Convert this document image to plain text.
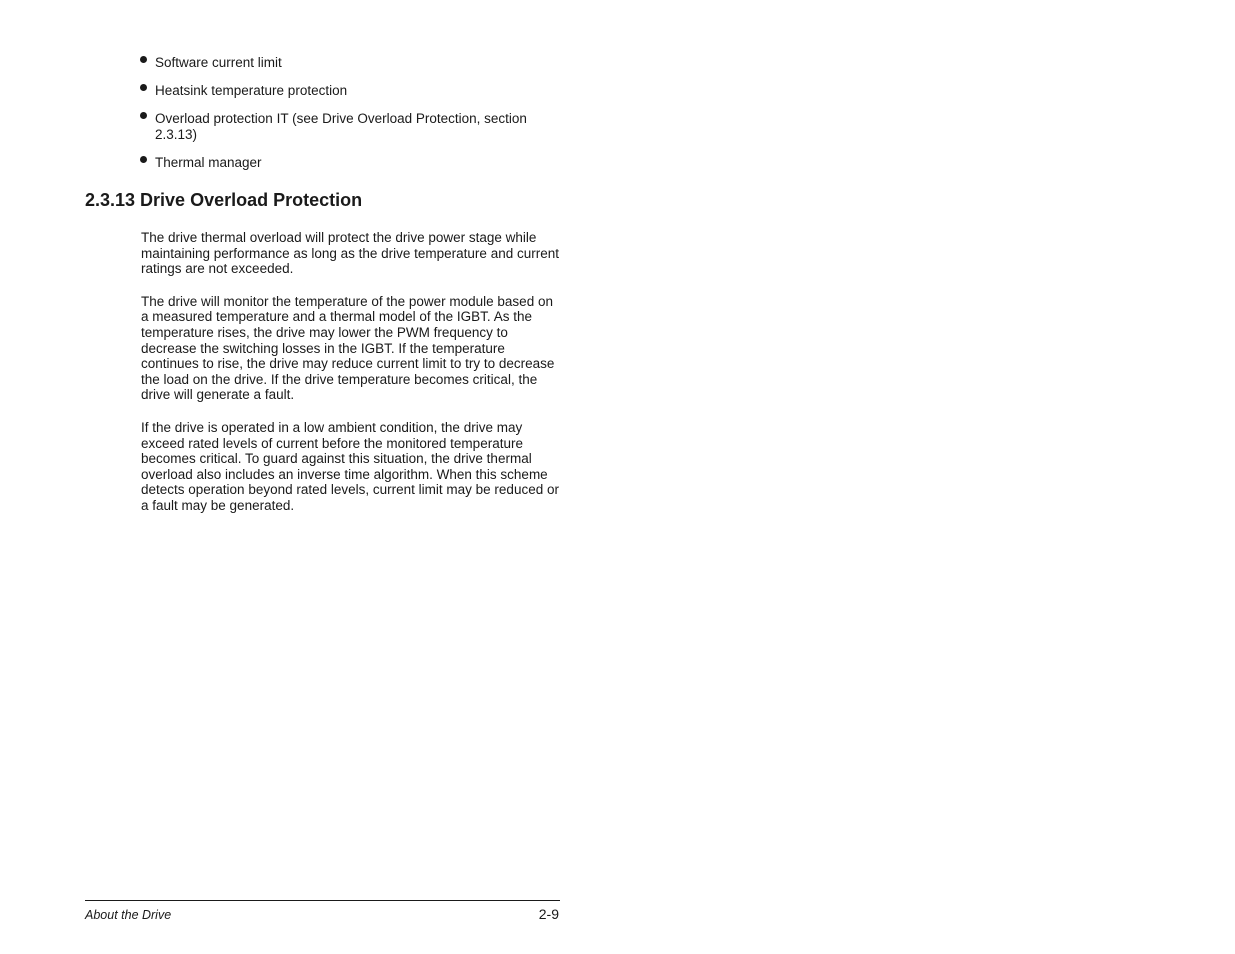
Software current limit
Heatsink temperature protection
Overload protection IT (see Drive Overload Protection, section 2.3.13)
Thermal manager
2.3.13 Drive Overload Protection

The drive thermal overload will protect the drive power stage while maintaining performance as long as the drive temperature and current ratings are not exceeded.

The drive will monitor the temperature of the power module based on a measured temperature and a thermal model of the IGBT. As the temperature rises, the drive may lower the PWM frequency to decrease the switching losses in the IGBT. If the temperature continues to rise, the drive may reduce current limit to try to decrease the load on the drive. If the drive temperature becomes critical, the drive will generate a fault.

If the drive is operated in a low ambient condition, the drive may exceed rated levels of current before the monitored temperature becomes critical. To guard against this situation, the drive thermal overload also includes an inverse time algorithm. When this scheme detects operation beyond rated levels, current limit may be reduced or a fault may be generated.

About the Drive	2-9
